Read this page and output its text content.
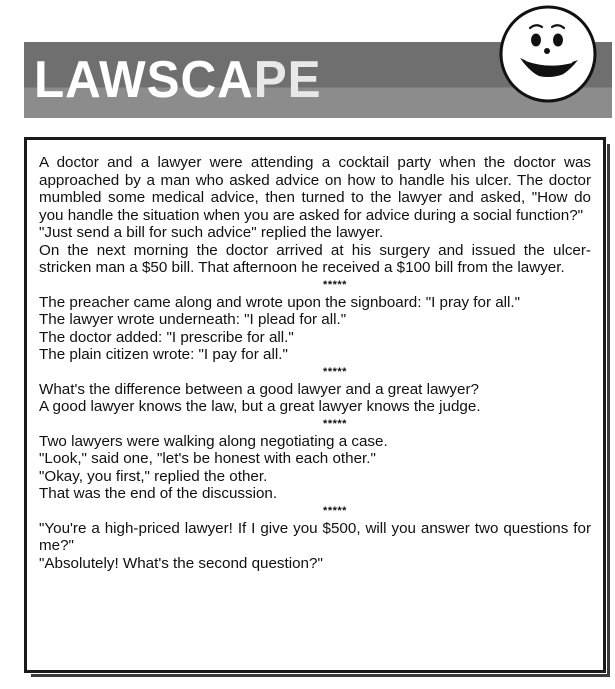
LAWSCAPE

A doctor and a lawyer were attending a cocktail party when the doctor was approached by a man who asked advice on how to handle his ulcer. The doctor mumbled some medical advice, then turned to the lawyer and asked, "How do you handle the situation when you are asked for advice during a social function?"

"Just send a bill for such advice" replied the lawyer.

On the next morning the doctor arrived at his surgery and issued the ulcer-stricken man a $50 bill. That afternoon he received a $100 bill from the lawyer.

*****

The preacher came along and wrote upon the signboard: "I pray for all."

The lawyer wrote underneath: "I plead for all."

The doctor added: "I prescribe for all."

The plain citizen wrote: "I pay for all."

*****

What's the difference between a good lawyer and a great lawyer?

A good lawyer knows the law, but a great lawyer knows the judge.

*****

Two lawyers were walking along negotiating a case.

"Look," said one, "let's be honest with each other."

"Okay, you first," replied the other.

That was the end of the discussion.

*****

"You're a high-priced lawyer! If I give you $500, will you answer two questions for me?"

"Absolutely! What's the second question?"
